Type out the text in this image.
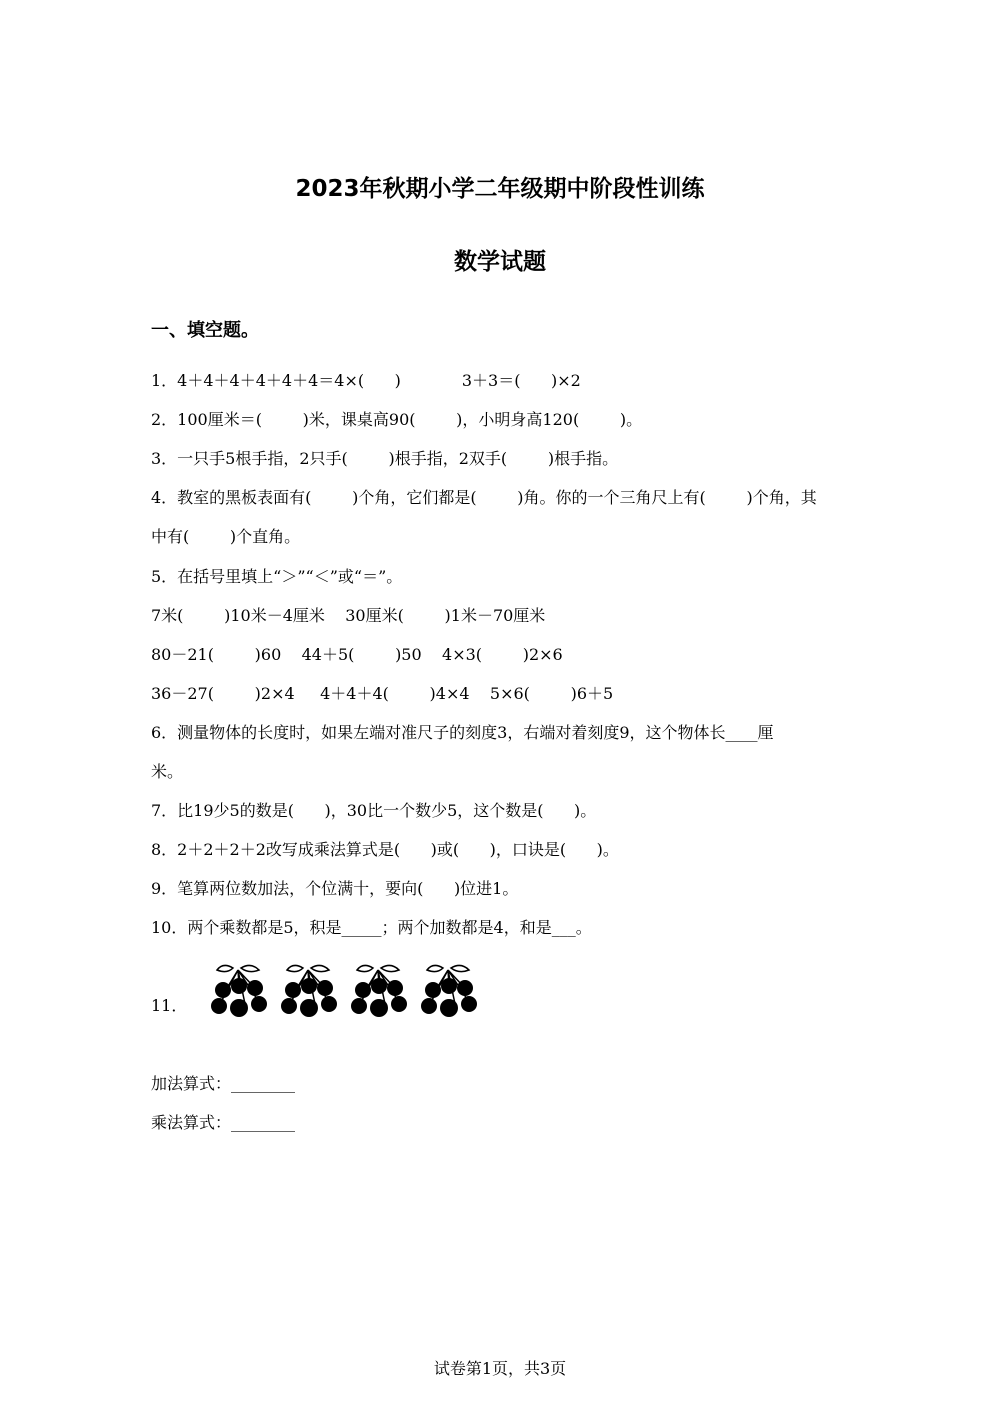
2023年秋期小学二年级期中阶段性训练
数学试题
一、填空题。
1．4＋4＋4＋4＋4＋4＝4×(      )            3＋3＝(      )×2
2．100厘米＝(        )米，课桌高90(        )，小明身高120(        )。
3．一只手5根手指，2只手(        )根手指，2双手(        )根手指。
4．教室的黑板表面有(        )个角，它们都是(        )角。你的一个三角尺上有(        )个角，其
中有(        )个直角。
5．在括号里填上“＞”“＜”或“＝”。
7米(        )10米－4厘米    30厘米(        )1米－70厘米
80－21(        )60    44＋5(        )50    4×3(        )2×6
36－27(        )2×4     4＋4＋4(        )4×4    5×6(        )6＋5
6．测量物体的长度时，如果左端对准尺子的刻度3，右端对着刻度9，这个物体长____厘
米。
7．比19少5的数是(      )，30比一个数少5，这个数是(      )。
8．2＋2＋2＋2改写成乘法算式是(      )或(      )，口诀是(      )。
9．笔算两位数加法，个位满十，要向(      )位进1。
10．两个乘数都是5，积是_____；两个加数都是4，和是___。
11．
加法算式：________
乘法算式：________
试卷第1页，共3页
